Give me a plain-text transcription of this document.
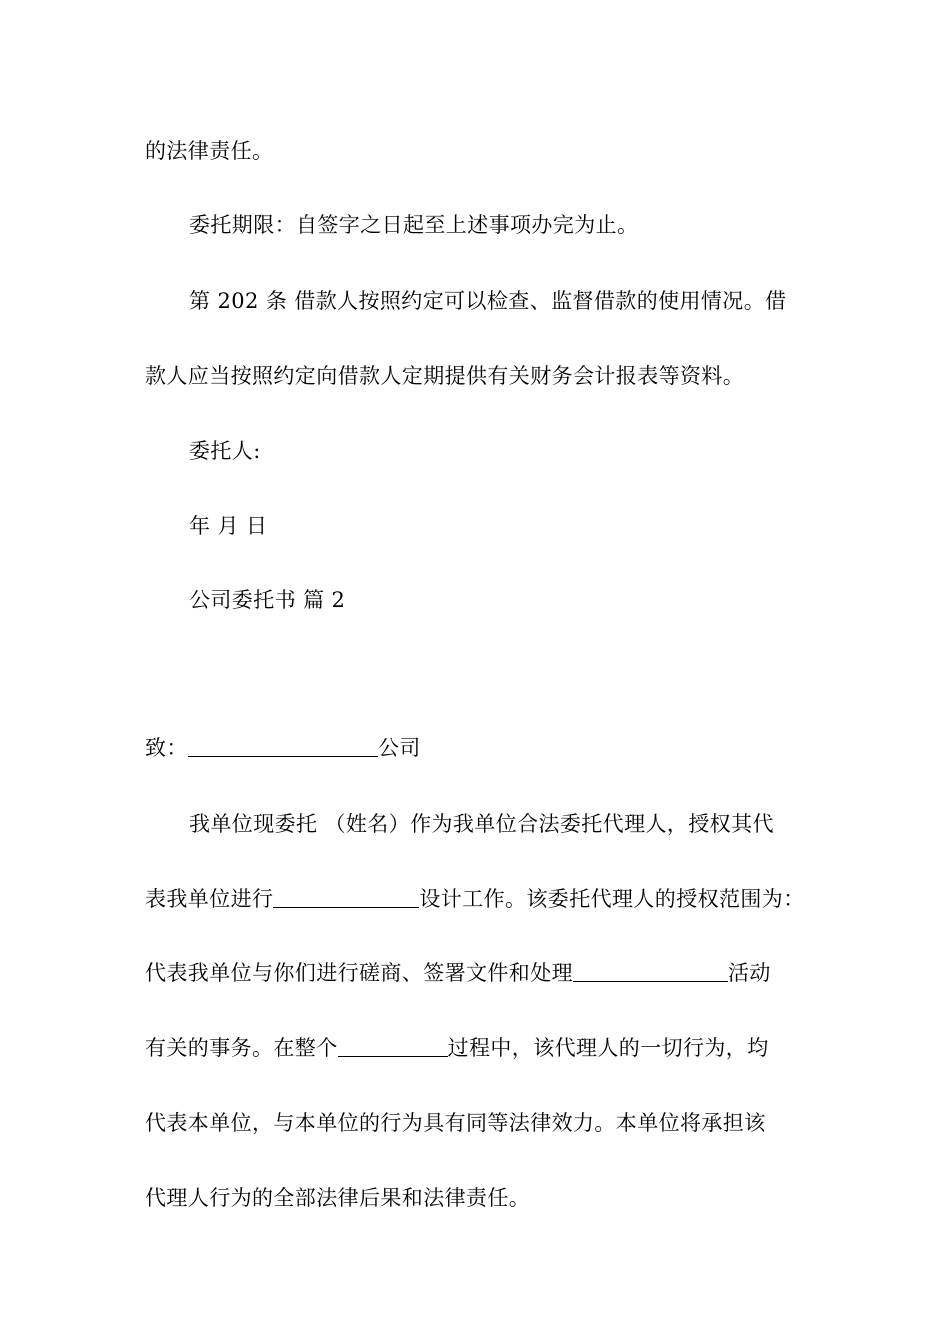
的法律责任。
委托期限：自签字之日起至上述事项办完为止。
第 202 条 借款人按照约定可以检查、监督借款的使用情况。借
款人应当按照约定向借款人定期提供有关财务会计报表等资料。
委托人:
年 月 日
公司委托书 篇 2
致：	公司
我单位现委托 （姓名）作为我单位合法委托代理人，授权其代
表我单位进行	设计工作。该委托代理人的授权范围为：
代表我单位与你们进行磋商、签署文件和处理	活动
有关的事务。在整个	过程中，该代理人的一切行为，均
代表本单位，与本单位的行为具有同等法律效力。本单位将承担该
代理人行为的全部法律后果和法律责任。
